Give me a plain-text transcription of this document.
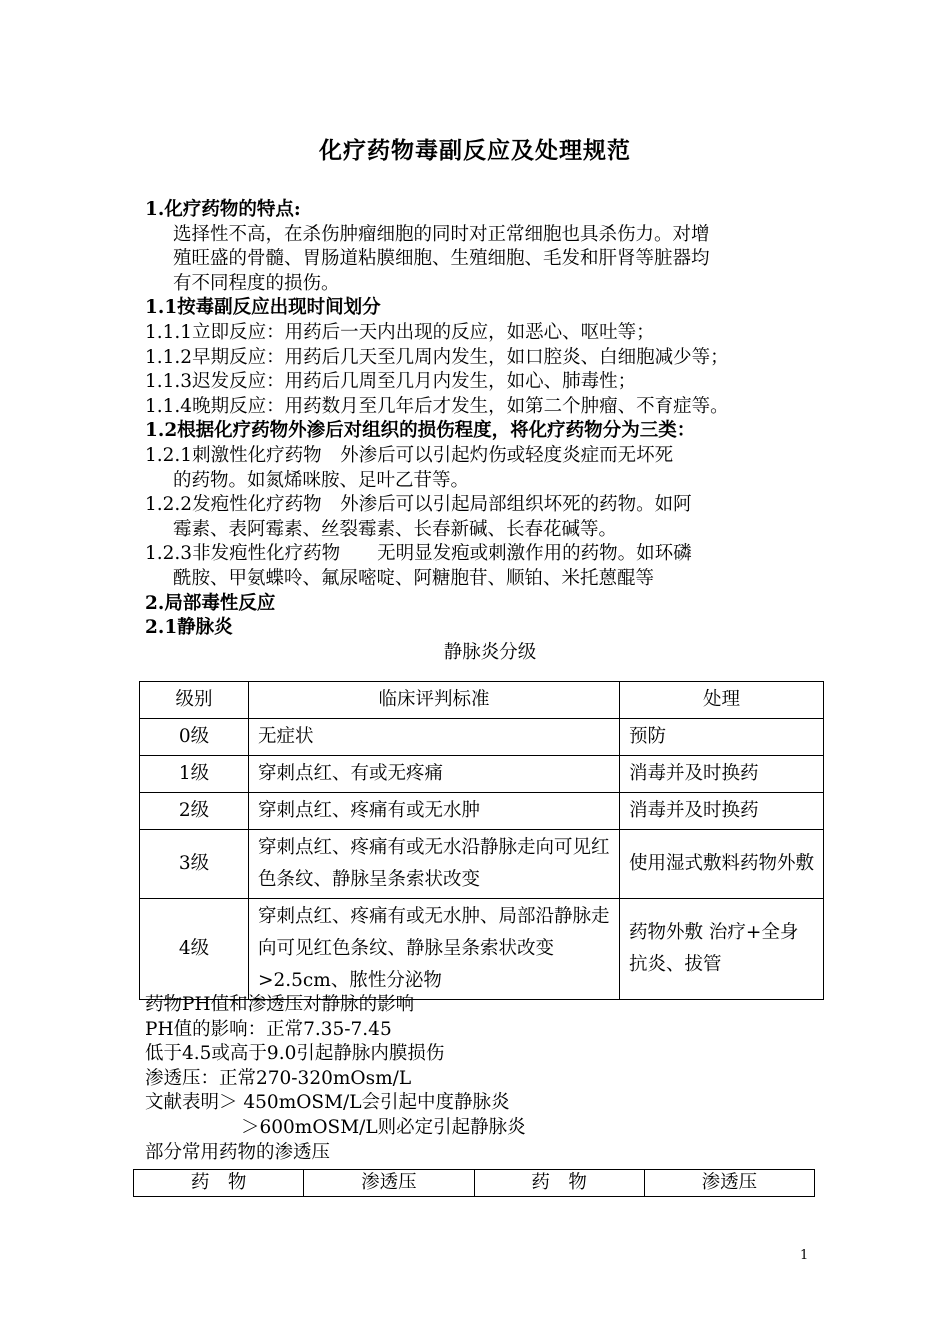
化疗药物毒副反应及处理规范

1.化疗药物的特点:

选择性不高，在杀伤肿瘤细胞的同时对正常细胞也具杀伤力。对增

殖旺盛的骨髓、胃肠道粘膜细胞、生殖细胞、毛发和肝肾等脏器均

有不同程度的损伤。

1.1按毒副反应出现时间划分

1.1.1立即反应：用药后一天内出现的反应，如恶心、呕吐等；

1.1.2早期反应：用药后几天至几周内发生，如口腔炎、白细胞减少等；

1.1.3迟发反应：用药后几周至几月内发生，如心、肺毒性；

1.1.4晚期反应：用药数月至几年后才发生，如第二个肿瘤、不育症等。

1.2根据化疗药物外渗后对组织的损伤程度，将化疗药物分为三类：

1.2.1刺激性化疗药物　外渗后可以引起灼伤或轻度炎症而无坏死

的药物。如氮烯咪胺、足叶乙苷等。

1.2.2发疱性化疗药物　外渗后可以引起局部组织坏死的药物。如阿

霉素、表阿霉素、丝裂霉素、长春新碱、长春花碱等。

1.2.3非发疱性化疗药物　　无明显发疱或刺激作用的药物。如环磷

酰胺、甲氨蝶呤、氟尿嘧啶、阿糖胞苷、顺铂、米托蒽醌等

2.局部毒性反应

2.1静脉炎

静脉炎分级

级别	临床评判标准	处理
0级	无症状	预防
1级	穿刺点红、有或无疼痛	消毒并及时换药
2级	穿刺点红、疼痛有或无水肿	消毒并及时换药
3级	穿刺点红、疼痛有或无水沿静脉走向可见红色条纹、静脉呈条索状改变	使用湿式敷料药物外敷
4级	穿刺点红、疼痛有或无水肿、局部沿静脉走向可见红色条纹、静脉呈条索状改变>2.5cm、脓性分泌物	药物外敷 治疗+全身抗炎、拔管

药物PH值和渗透压对静脉的影响

PH值的影响：正常7.35-7.45

低于4.5或高于9.0引起静脉内膜损伤

渗透压：正常270-320mOsm/L

文献表明＞ 450mOSM/L会引起中度静脉炎

＞600mOSM/L则必定引起静脉炎

部分常用药物的渗透压

药　物	渗透压	药　物	渗透压
1
